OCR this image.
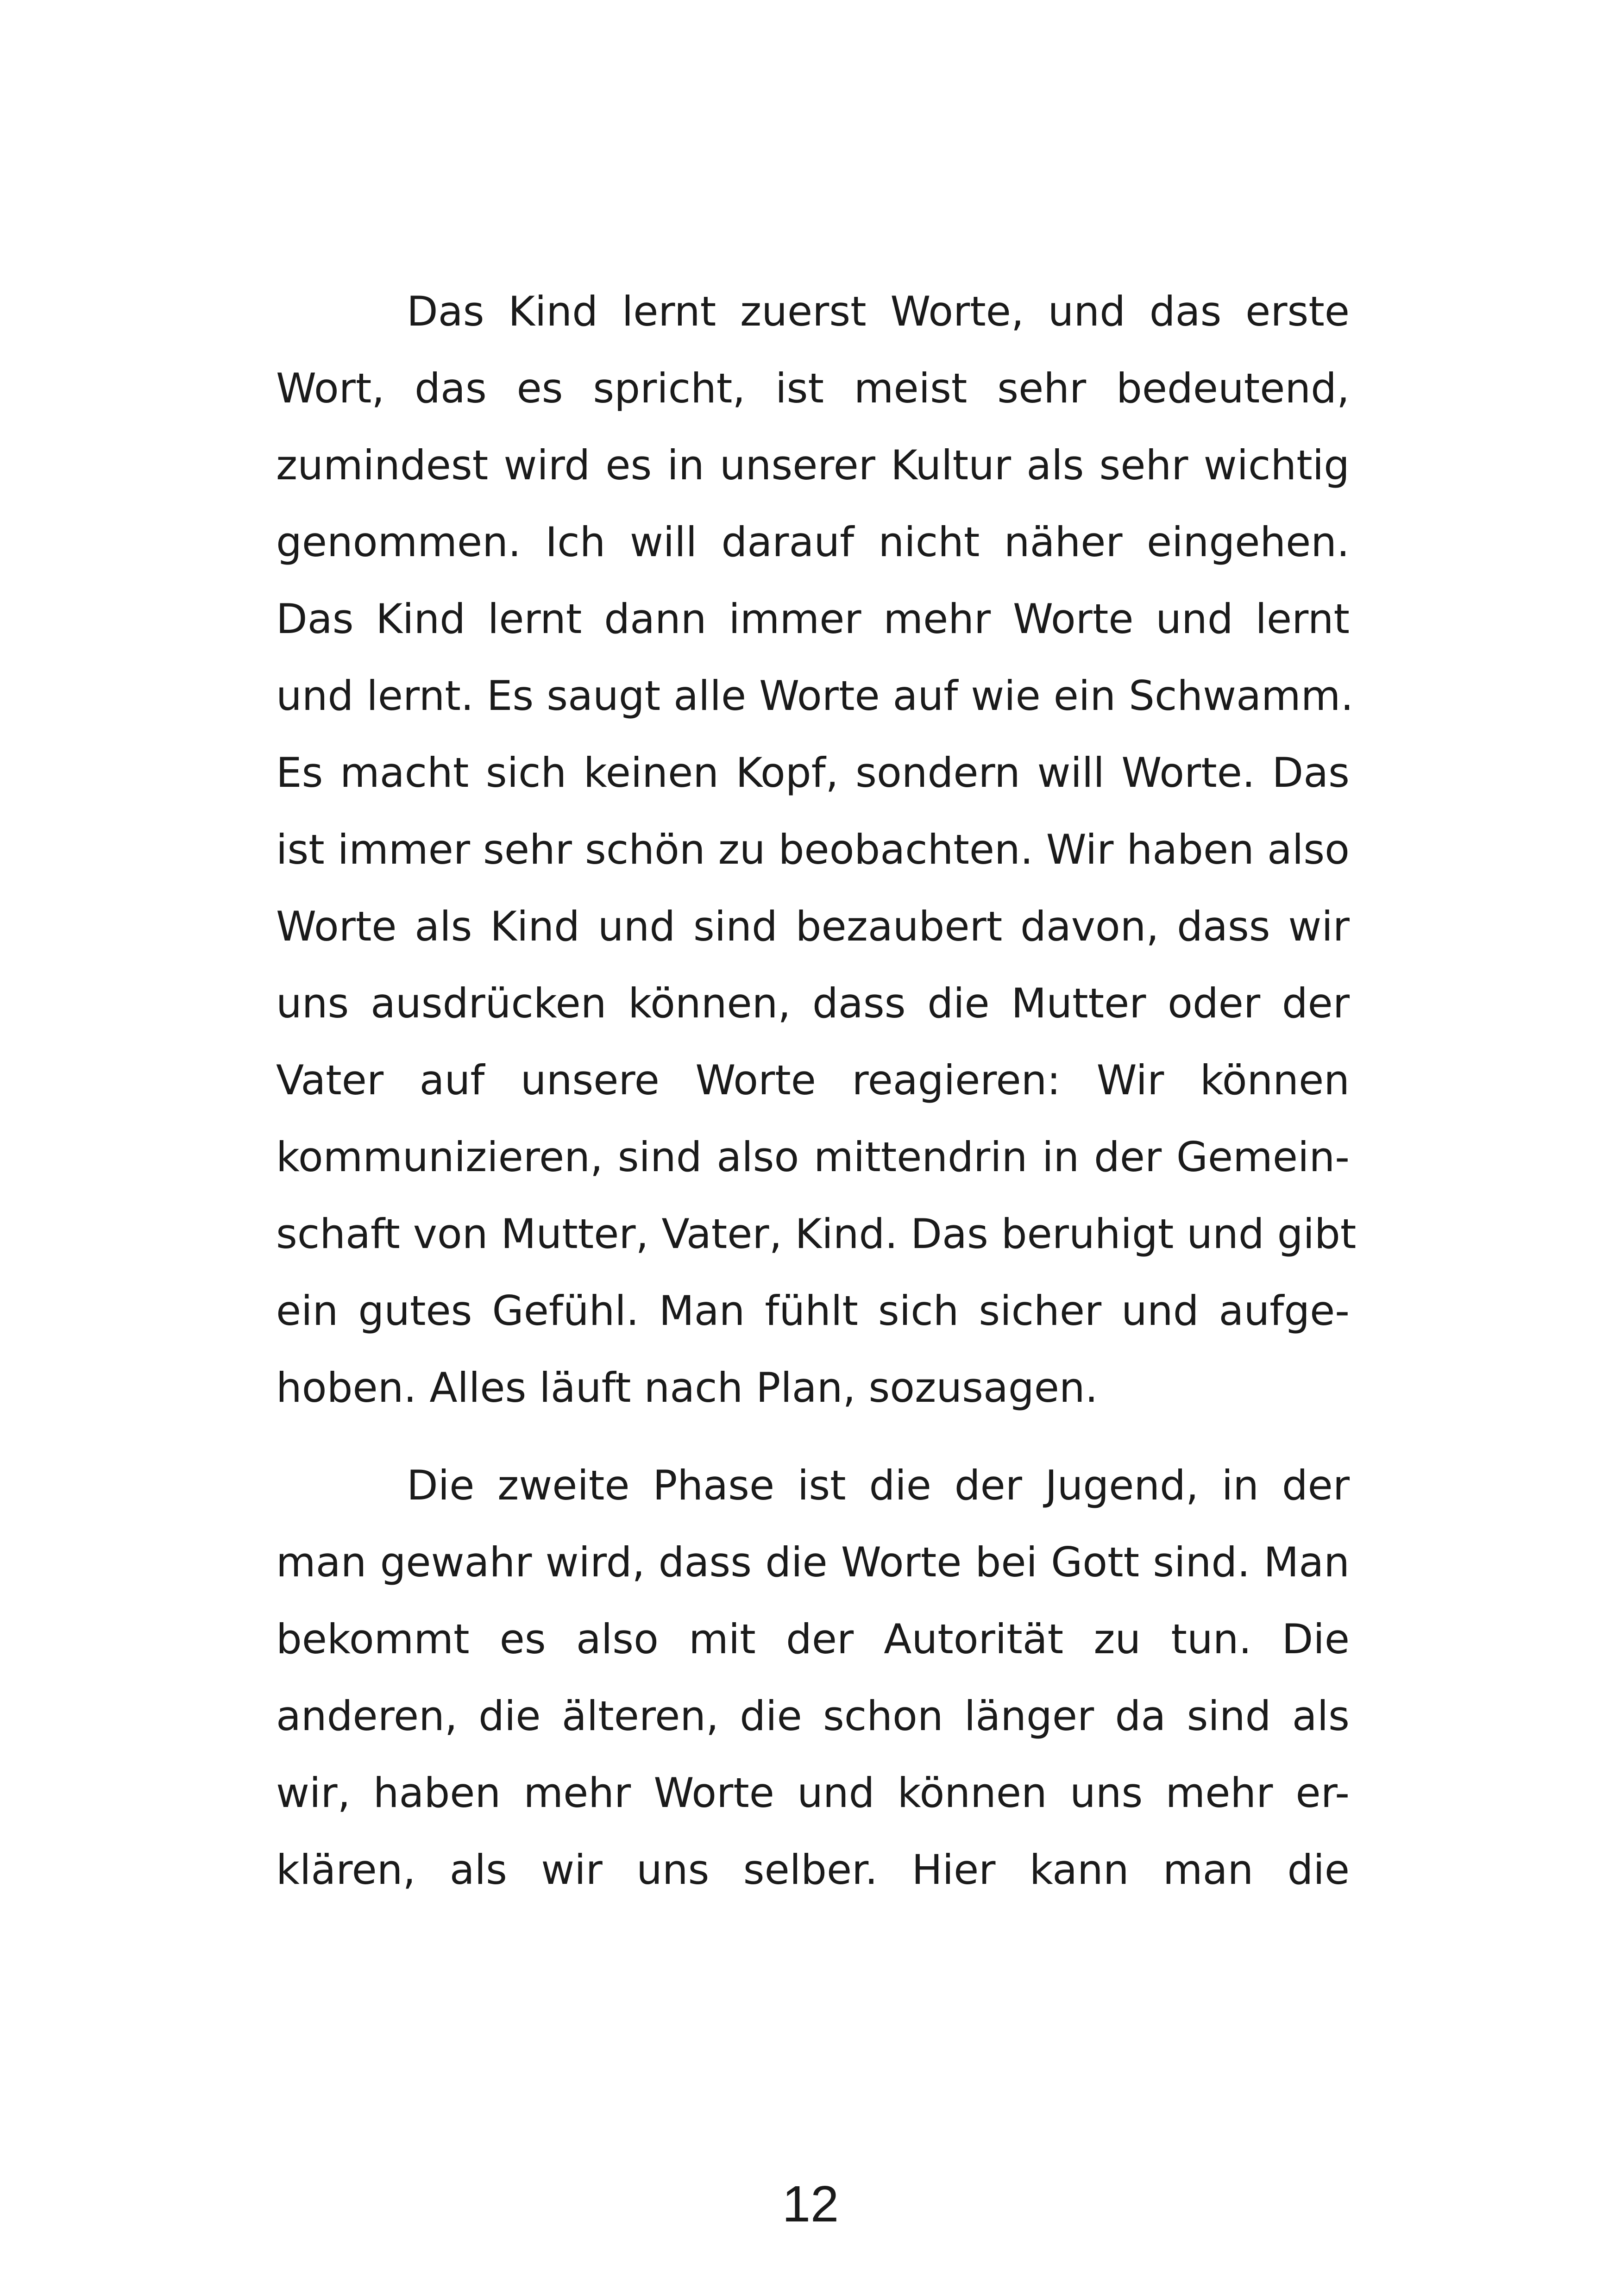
Das Kind lernt zuerst Worte, und das erste
Wort, das es spricht, ist meist sehr bedeutend,
zumindest wird es in unserer Kultur als sehr wichtig
genommen. Ich will darauf nicht näher eingehen.
Das Kind lernt dann immer mehr Worte und lernt
und lernt. Es saugt alle Worte auf wie ein Schwamm.
Es macht sich keinen Kopf, sondern will Worte. Das
ist immer sehr schön zu beobachten. Wir haben also
Worte als Kind und sind bezaubert davon, dass wir
uns ausdrücken können, dass die Mutter oder der
Vater auf unsere Worte reagieren: Wir können
kommunizieren, sind also mittendrin in der Gemein-
schaft von Mutter, Vater, Kind. Das beruhigt und gibt
ein gutes Gefühl. Man fühlt sich sicher und aufge-
hoben. Alles läuft nach Plan, sozusagen.
Die zweite Phase ist die der Jugend, in der
man gewahr wird, dass die Worte bei Gott sind. Man
bekommt es also mit der Autorität zu tun. Die
anderen, die älteren, die schon länger da sind als
wir, haben mehr Worte und können uns mehr er-
klären, als wir uns selber. Hier kann man die
12
